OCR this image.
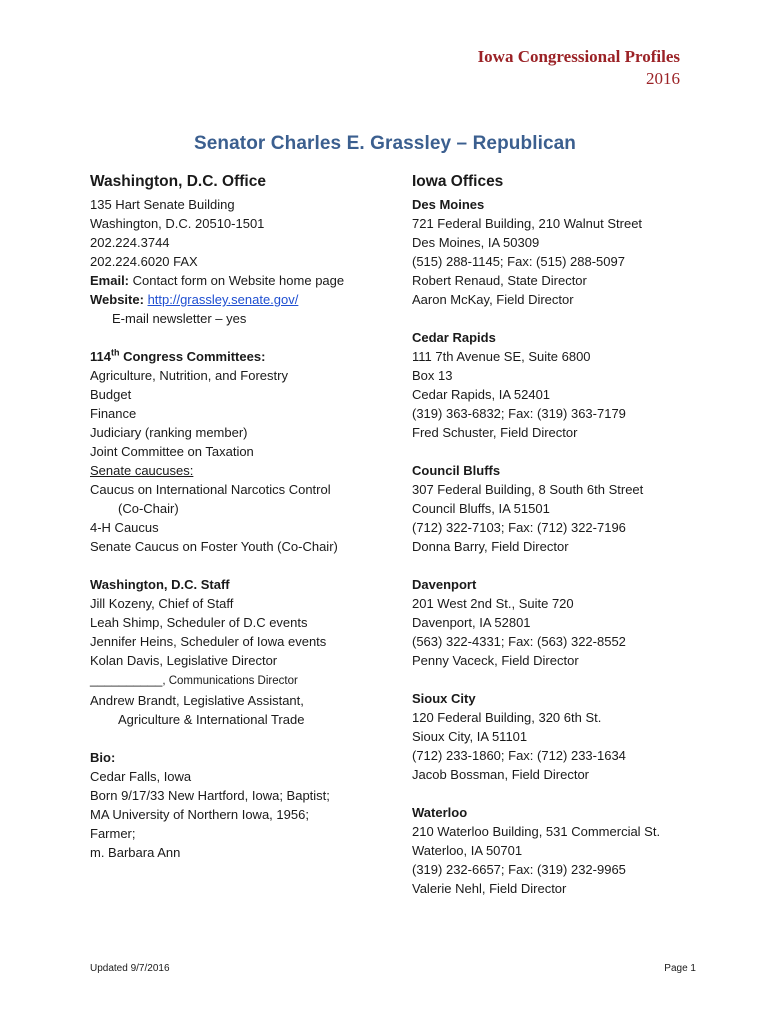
Iowa Congressional Profiles
2016
Senator Charles E. Grassley – Republican
Washington, D.C. Office
135 Hart Senate Building
Washington, D.C. 20510-1501
202.224.3744
202.224.6020 FAX
Email: Contact form on Website home page
Website: http://grassley.senate.gov/
E-mail newsletter – yes
114th Congress Committees:
Agriculture, Nutrition, and Forestry
Budget
Finance
Judiciary (ranking member)
Joint Committee on Taxation
Senate caucuses:
Caucus on International Narcotics Control
(Co-Chair)
4-H Caucus
Senate Caucus on Foster Youth (Co-Chair)
Washington, D.C. Staff
Jill Kozeny, Chief of Staff
Leah Shimp, Scheduler of D.C events
Jennifer Heins, Scheduler of Iowa events
Kolan Davis, Legislative Director
__________, Communications Director
Andrew Brandt, Legislative Assistant,
Agriculture & International Trade
Bio:
Cedar Falls, Iowa
Born 9/17/33 New Hartford, Iowa; Baptist;
MA University of Northern Iowa, 1956;
Farmer;
m. Barbara Ann
Iowa Offices
Des Moines
721 Federal Building, 210 Walnut Street
Des Moines, IA 50309
(515) 288-1145; Fax: (515) 288-5097
Robert Renaud, State Director
Aaron McKay, Field Director
Cedar Rapids
111 7th Avenue SE, Suite 6800
Box 13
Cedar Rapids, IA 52401
(319) 363-6832; Fax: (319) 363-7179
Fred Schuster, Field Director
Council Bluffs
307 Federal Building, 8 South 6th Street
Council Bluffs, IA 51501
(712) 322-7103; Fax: (712) 322-7196
Donna Barry, Field Director
Davenport
201 West 2nd St., Suite 720
Davenport, IA 52801
(563) 322-4331; Fax: (563) 322-8552
Penny Vaceck, Field Director
Sioux City
120 Federal Building, 320 6th St.
Sioux City, IA 51101
(712) 233-1860; Fax: (712) 233-1634
Jacob Bossman, Field Director
Waterloo
210 Waterloo Building, 531 Commercial St.
Waterloo, IA 50701
(319) 232-6657; Fax: (319) 232-9965
Valerie Nehl, Field Director
Updated 9/7/2016	Page 1
